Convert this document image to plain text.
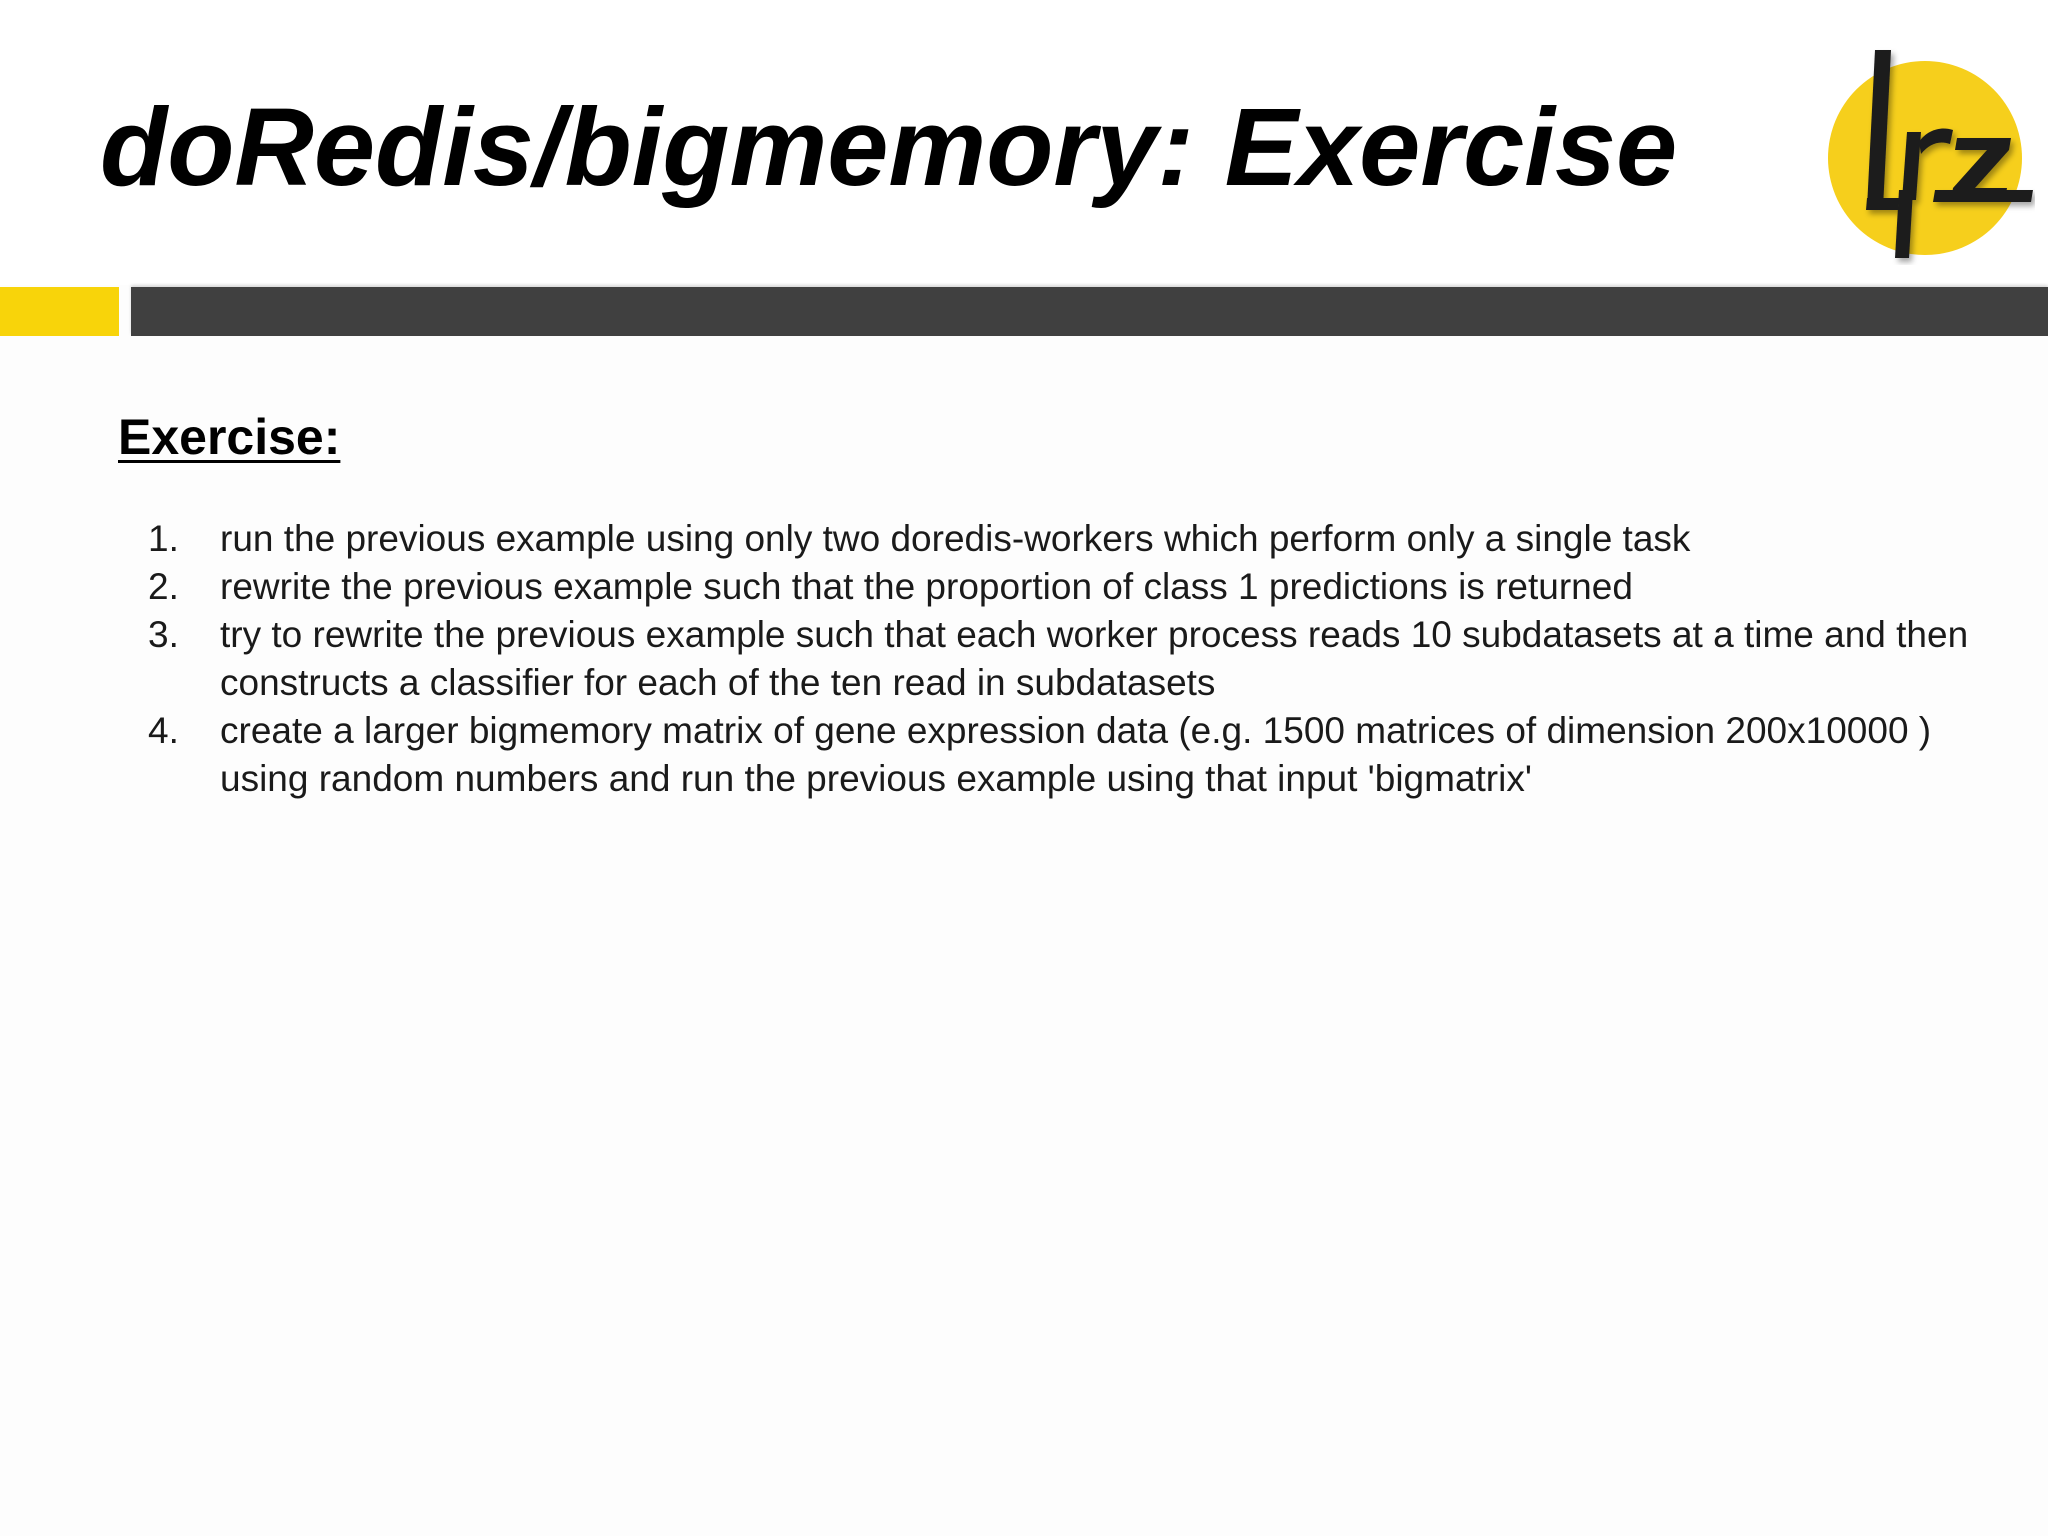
doRedis/bigmemory: Exercise
Exercise:
1.	run the previous example using only two doredis-workers which perform only a single task
2.	rewrite the previous example such that the proportion of class 1 predictions is returned
3.	try to rewrite the previous example such that each worker process reads 10 subdatasets at a time and then constructs a classifier for each of the ten read in subdatasets
4.	create a larger bigmemory matrix of gene expression data (e.g. 1500 matrices of dimension 200x10000 ) using random numbers and run the previous example using that input 'bigmatrix'
